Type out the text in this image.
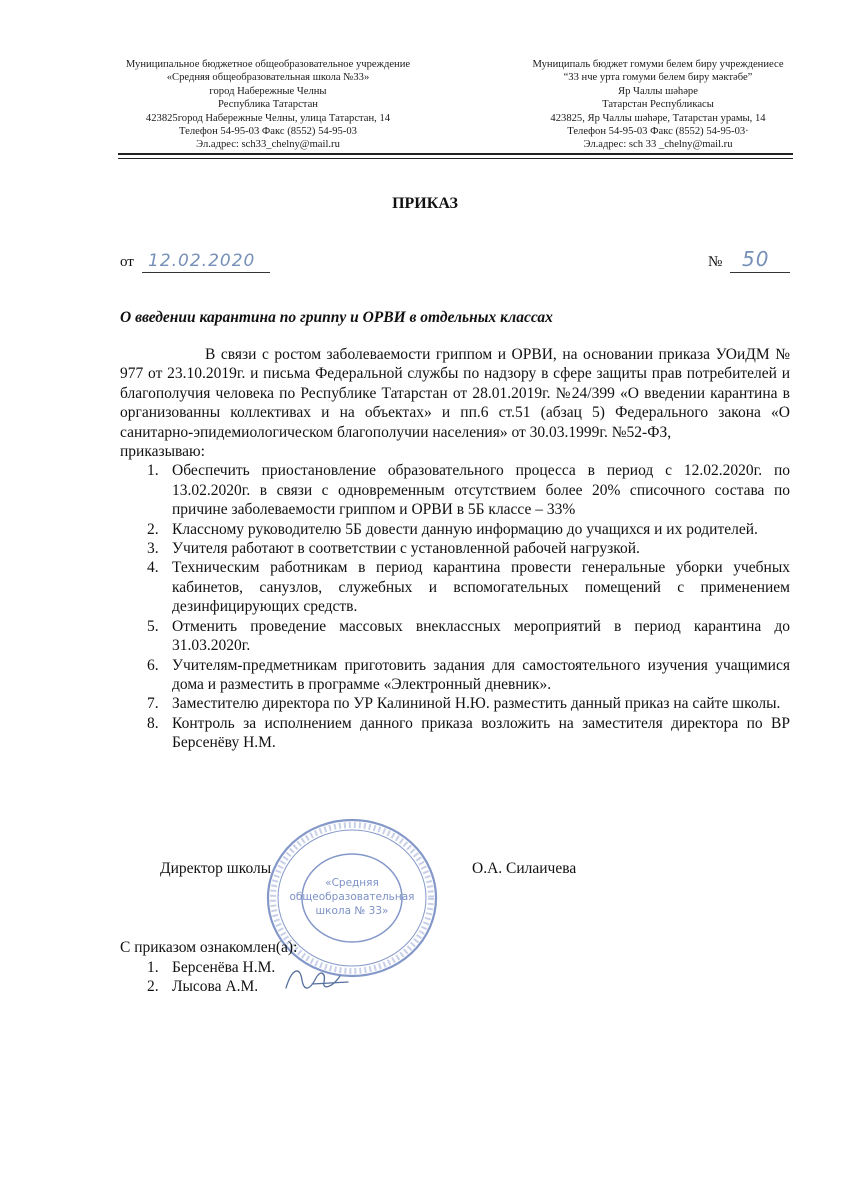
Муниципальное бюджетное общеобразовательное учреждение
«Средняя общеобразовательная школа №33»
город Набережные Челны
Республика Татарстан
423825город Набережные Челны, улица Татарстан, 14
Телефон 54-95-03 Факс (8552) 54-95-03
Эл.адрес: sch33_chelny@mail.ru
Муниципаль бюджет гомуми белем биру учреждениесе
“33 нче урта гомуми белем биру мәктәбе”
Яр Чаллы шәһәре
Татарстан Республикасы
423825, Яр Чаллы шәһәре, Татарстан урамы, 14
Телефон 54-95-03 Факс (8552) 54-95-03·
Эл.адрес: sch 33 _chelny@mail.ru
ПРИКАЗ
от 12.02.2020	№ 50
О введении карантина по гриппу и ОРВИ в отдельных классах

В связи с ростом заболеваемости гриппом и ОРВИ, на основании приказа УОиДМ № 977 от 23.10.2019г. и письма Федеральной службы по надзору в сфере защиты прав потребителей и благополучия человека по Республике Татарстан от 28.01.2019г. №24/399 «О введении карантина в организованны коллективах и на объектах» и пп.6 ст.51 (абзац 5) Федерального закона «О санитарно-эпидемиологическом благополучии населения» от 30.03.1999г. №52-ФЗ,

приказываю:

1. Обеспечить приостановление образовательного процесса в период с 12.02.2020г. по 13.02.2020г. в связи с одновременным отсутствием более 20% списочного состава по причине заболеваемости гриппом и ОРВИ в 5Б классе – 33%
2. Классному руководителю 5Б довести данную информацию до учащихся и их родителей.
3. Учителя работают в соответствии с установленной рабочей нагрузкой.
4. Техническим работникам в период карантина провести генеральные уборки учебных кабинетов, санузлов, служебных и вспомогательных помещений с применением дезинфицирующих средств.
5. Отменить проведение массовых внеклассных мероприятий в период карантина до 31.03.2020г.
6. Учителям-предметникам приготовить задания для самостоятельного изучения учащимися дома и разместить в программе «Электронный дневник».
7. Заместителю директора по УР Калининой Н.Ю. разместить данный приказ на сайте школы.
8. Контроль за исполнением данного приказа возложить на заместителя директора по ВР Берсенёву Н.М.
Директор школы	О.А. Силаичева
«Средняя
общеобразовательная
школа № 33»
С приказом ознакомлен(а):
1. Берсенёва Н.М.
2. Лысова А.М.
